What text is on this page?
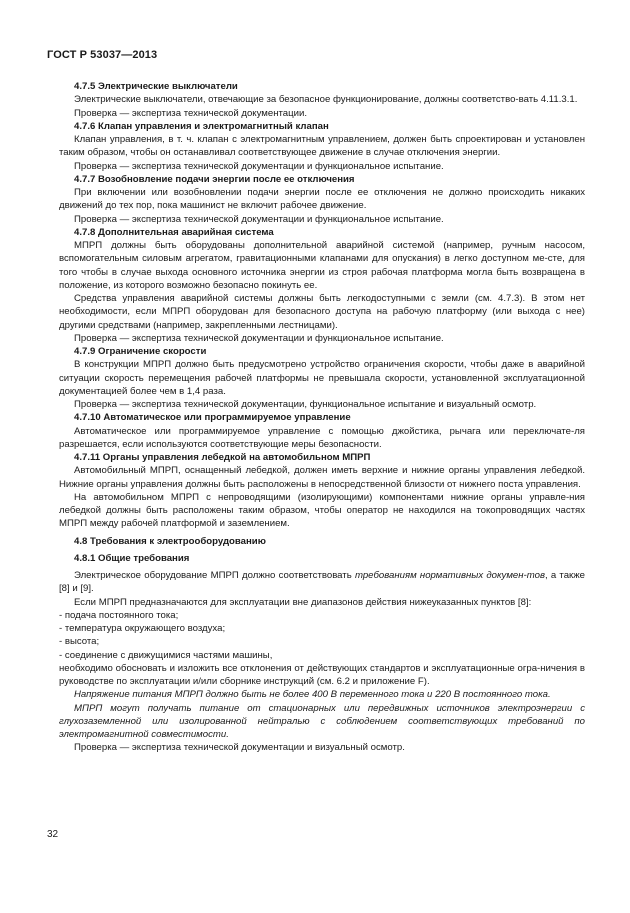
ГОСТ Р 53037—2013

4.7.5 Электрические выключатели

Электрические выключатели, отвечающие за безопасное функционирование, должны соответство-вать 4.11.3.1.

Проверка — экспертиза технической документации.

4.7.6 Клапан управления и электромагнитный клапан

Клапан управления, в т. ч. клапан с электромагнитным управлением, должен быть спроектирован и установлен таким образом, чтобы он останавливал соответствующее движение в случае отключения энергии.

Проверка — экспертиза технической документации и функциональное испытание.

4.7.7 Возобновление подачи энергии после ее отключения

При включении или возобновлении подачи энергии после ее отключения не должно происходить никаких движений до тех пор, пока машинист не включит рабочее движение.

Проверка — экспертиза технической документации и функциональное испытание.

4.7.8 Дополнительная аварийная система

МПРП должны быть оборудованы дополнительной аварийной системой (например, ручным насосом, вспомогательным силовым агрегатом, гравитационными клапанами для опускания) в легко доступном ме-сте, для того чтобы в случае выхода основного источника энергии из строя рабочая платформа могла быть возвращена в положение, из которого возможно безопасно покинуть ее.

Средства управления аварийной системы должны быть легкодоступными с земли (см. 4.7.3). В этом нет необходимости, если МПРП оборудован для безопасного доступа на рабочую платформу (или выхода с нее) другими средствами (например, закрепленными лестницами).

Проверка — экспертиза технической документации и функциональное испытание.

4.7.9 Ограничение скорости

В конструкции МПРП должно быть предусмотрено устройство ограничения скорости, чтобы даже в аварийной ситуации скорость перемещения рабочей платформы не превышала скорости, установленной эксплуатационной документацией более чем в 1,4 раза.

Проверка — экспертиза технической документации, функциональное испытание и визуальный осмотр.

4.7.10 Автоматическое или программируемое управление

Автоматическое или программируемое управление с помощью джойстика, рычага или переключате-ля разрешается, если используются соответствующие меры безопасности.

4.7.11 Органы управления лебедкой на автомобильном МПРП

Автомобильный МПРП, оснащенный лебедкой, должен иметь верхние и нижние органы управления лебедкой. Нижние органы управления должны быть расположены в непосредственной близости от нижнего поста управления.

На автомобильном МПРП с непроводящими (изолирующими) компонентами нижние органы управле-ния лебедкой должны быть расположены таким образом, чтобы оператор не находился на токопроводящих частях МПРП между рабочей платформой и заземлением.

4.8 Требования к электрооборудованию

4.8.1 Общие требования

Электрическое оборудование МПРП должно соответствовать требованиям нормативных докумен-тов, а также [8] и [9].

Если МПРП предназначаются для эксплуатации вне диапазонов действия нижеуказанных пунктов [8]:

- подача постоянного тока;

- температура окружающего воздуха;

- высота;

- соединение с движущимися частями машины,

необходимо обосновать и изложить все отклонения от действующих стандартов и эксплуатационные огра-ничения в руководстве по эксплуатации и/или сборнике инструкций (см. 6.2 и приложение F).

Напряжение питания МПРП должно быть не более 400 В переменного тока и 220 В постоянного тока.

МПРП могут получать питание от стационарных или передвижных источников электроэнергии с глухозаземленной или изолированной нейтралью с соблюдением соответствующих требований по электромагнитной совместимости.

Проверка — экспертиза технической документации и визуальный осмотр.

32
